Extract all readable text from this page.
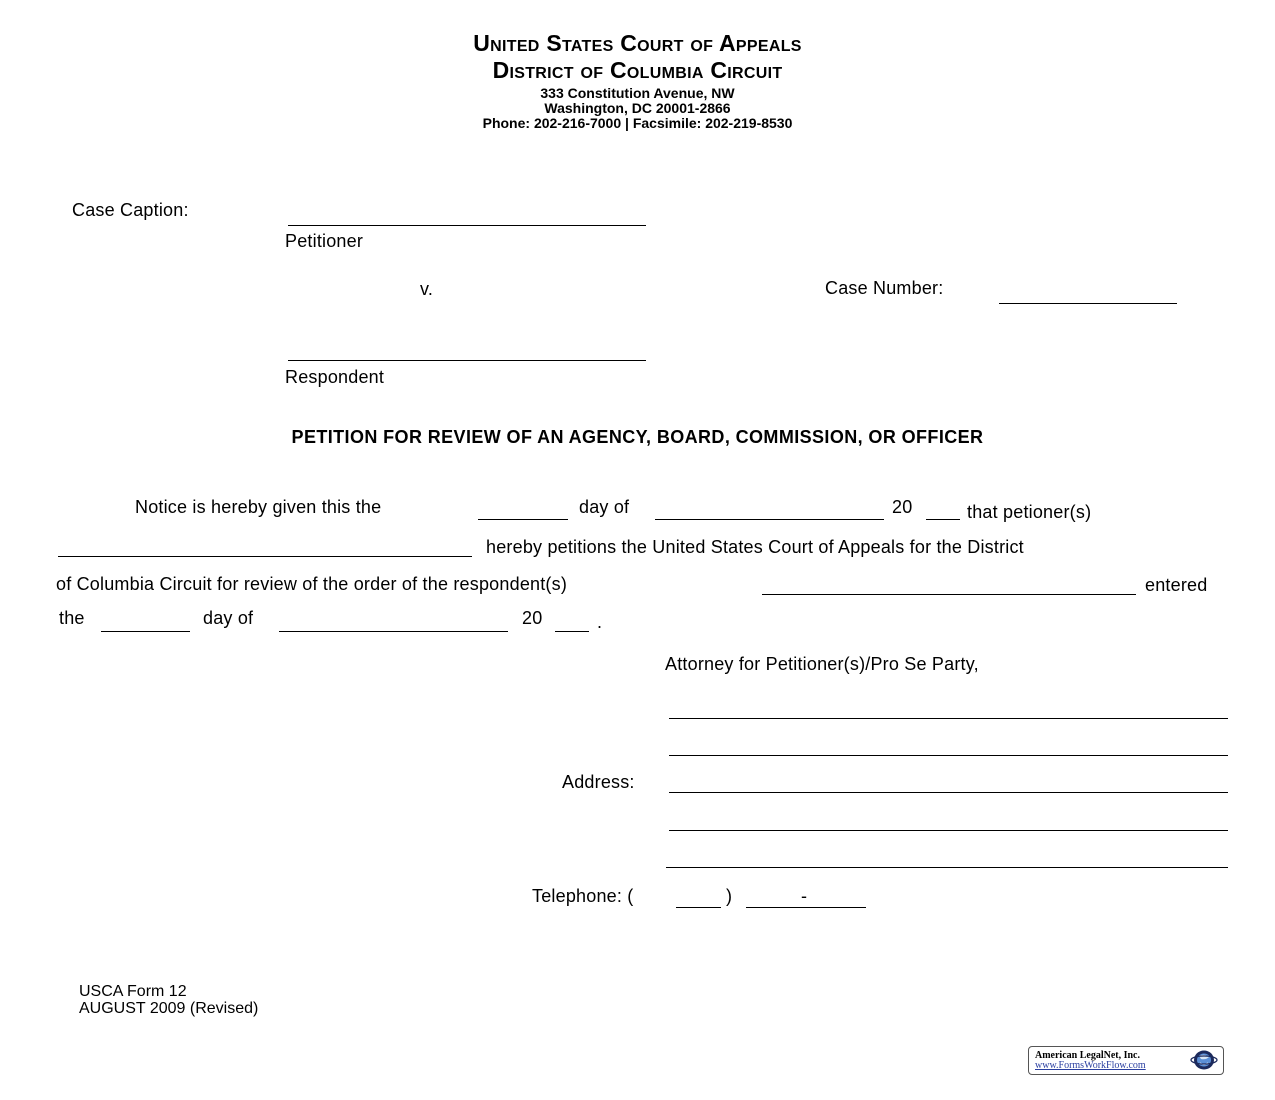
United States Court of Appeals
District of Columbia Circuit
333 Constitution Avenue, NW
Washington, DC 20001-2866
Phone: 202-216-7000 | Facsimile: 202-219-8530
Case Caption:
Petitioner
v.	Case Number:
Respondent
PETITION FOR REVIEW OF AN AGENCY, BOARD, COMMISSION, OR OFFICER
Notice is hereby given this the	day of	20	that petioner(s)
hereby petitions the United States Court of Appeals for the District
of Columbia Circuit for review of the order of the respondent(s)	entered
the	day of	20	.
Attorney for Petitioner(s)/Pro Se Party,
Address:
Telephone: (	)	-
USCA Form 12
AUGUST 2009 (Revised)
American LegalNet, Inc.
www.FormsWorkFlow.com
